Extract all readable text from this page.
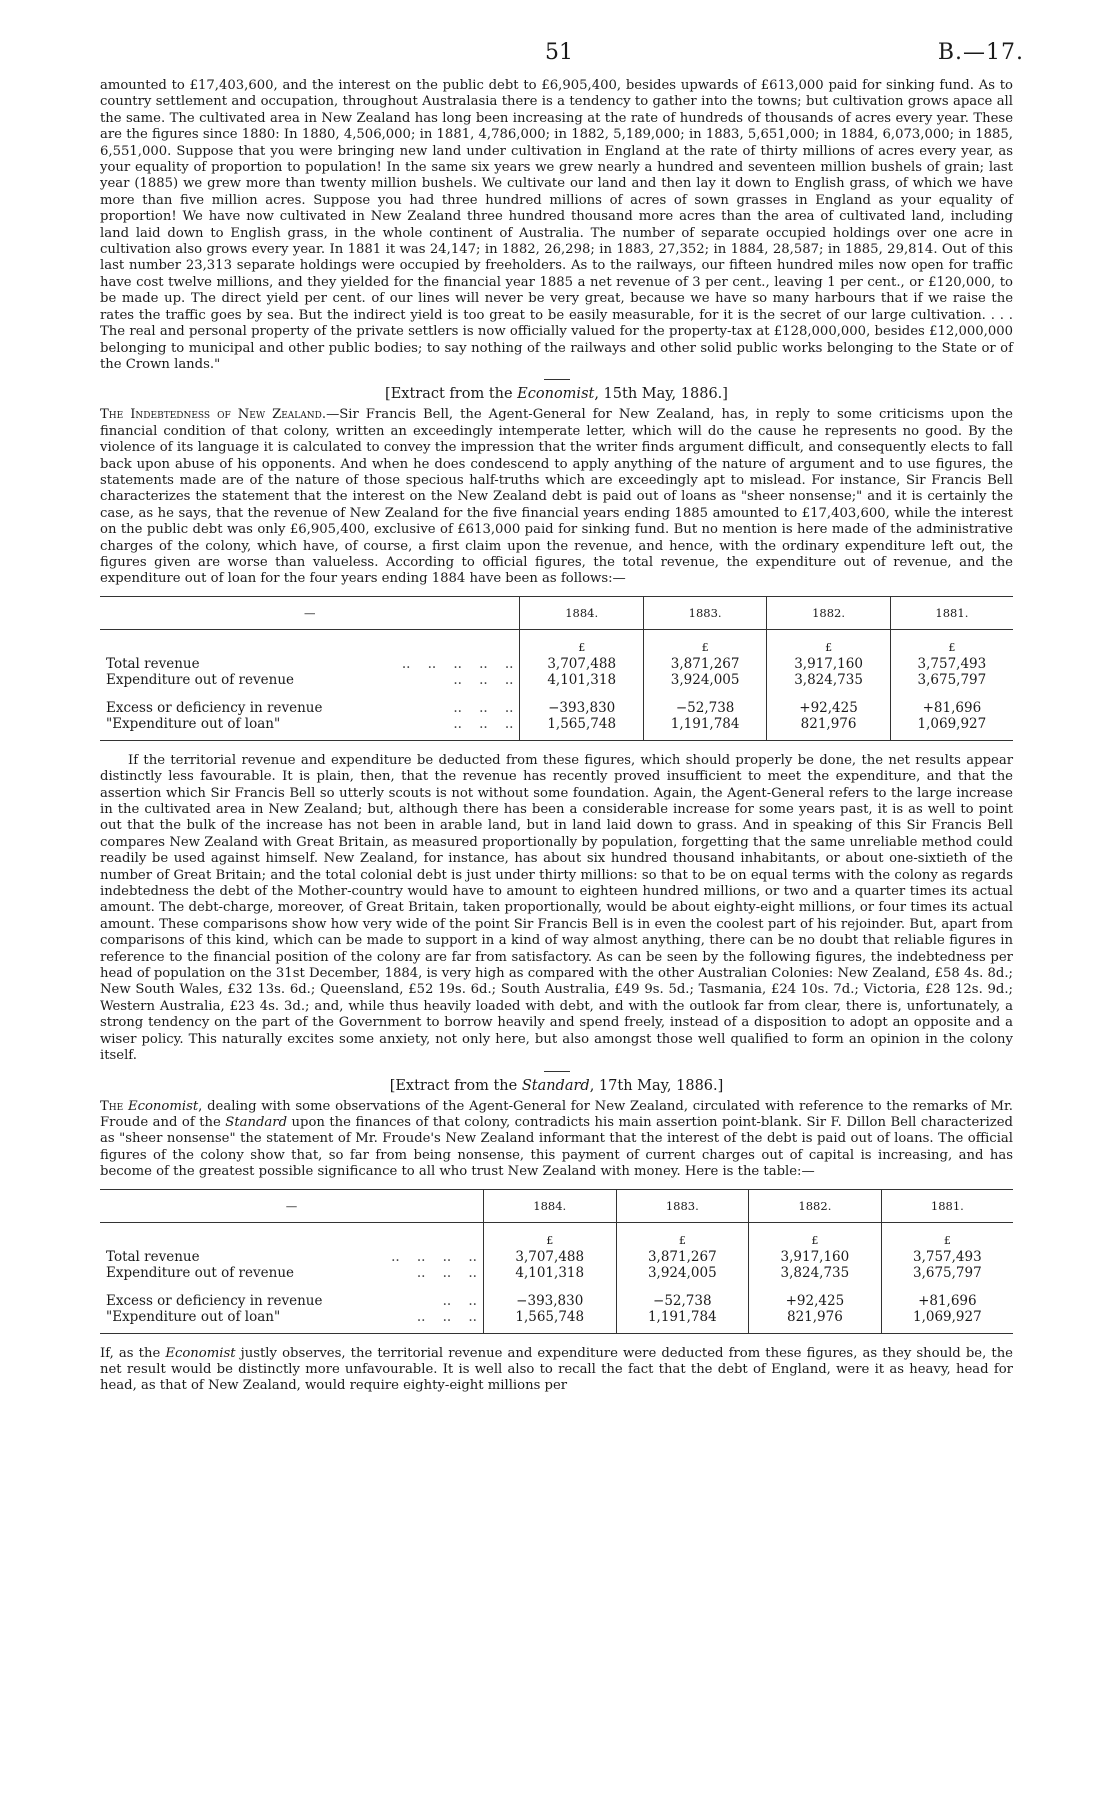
51	B.—17.

amounted to £17,403,600, and the interest on the public debt to £6,905,400, besides upwards of £613,000 paid for sinking fund. As to country settlement and occupation, throughout Australasia there is a tendency to gather into the towns; but cultivation grows apace all the same. The cultivated area in New Zealand has long been increasing at the rate of hundreds of thousands of acres every year. These are the figures since 1880: In 1880, 4,506,000; in 1881, 4,786,000; in 1882, 5,189,000; in 1883, 5,651,000; in 1884, 6,073,000; in 1885, 6,551,000. Suppose that you were bringing new land under cultivation in England at the rate of thirty millions of acres every year, as your equality of proportion to population! In the same six years we grew nearly a hundred and seventeen million bushels of grain; last year (1885) we grew more than twenty million bushels. We cultivate our land and then lay it down to English grass, of which we have more than five million acres. Suppose you had three hundred millions of acres of sown grasses in England as your equality of proportion! We have now cultivated in New Zealand three hundred thousand more acres than the area of cultivated land, including land laid down to English grass, in the whole continent of Australia. The number of separate occupied holdings over one acre in cultivation also grows every year. In 1881 it was 24,147; in 1882, 26,298; in 1883, 27,352; in 1884, 28,587; in 1885, 29,814. Out of this last number 23,313 separate holdings were occupied by freeholders. As to the railways, our fifteen hundred miles now open for traffic have cost twelve millions, and they yielded for the financial year 1885 a net revenue of 3 per cent., leaving 1 per cent., or £120,000, to be made up. The direct yield per cent. of our lines will never be very great, because we have so many harbours that if we raise the rates the traffic goes by sea. But the indirect yield is too great to be easily measurable, for it is the secret of our large cultivation. . . . The real and personal property of the private settlers is now officially valued for the property-tax at £128,000,000, besides £12,000,000 belonging to municipal and other public bodies; to say nothing of the railways and other solid public works belonging to the State or of the Crown lands."

[Extract from the Economist, 15th May, 1886.]

The Indebtedness of New Zealand.—Sir Francis Bell, the Agent-General for New Zealand, has, in reply to some criticisms upon the financial condition of that colony, written an exceedingly intemperate letter, which will do the cause he represents no good. By the violence of its language it is calculated to convey the impression that the writer finds argument difficult, and consequently elects to fall back upon abuse of his opponents. And when he does condescend to apply anything of the nature of argument and to use figures, the statements made are of the nature of those specious half-truths which are exceedingly apt to mislead. For instance, Sir Francis Bell characterizes the statement that the interest on the New Zealand debt is paid out of loans as "sheer nonsense;" and it is certainly the case, as he says, that the revenue of New Zealand for the five financial years ending 1885 amounted to £17,403,600, while the interest on the public debt was only £6,905,400, exclusive of £613,000 paid for sinking fund. But no mention is here made of the administrative charges of the colony, which have, of course, a first claim upon the revenue, and hence, with the ordinary expenditure left out, the figures given are worse than valueless. According to official figures, the total revenue, the expenditure out of revenue, and the expenditure out of loan for the four years ending 1884 have been as follows:—

—	1884.	1883.	1882.	1881.
	£	£	£	£

Total revenue ..    ..    ..    ..    ..	3,707,488	3,871,267	3,917,160	3,757,493

Expenditure out of revenue ..    ..    ..	4,101,318	3,924,005	3,824,735	3,675,797

Excess or deficiency in revenue ..    ..    ..	−393,830	−52,738	+92,425	+81,696

"Expenditure out of loan" ..    ..    ..	1,565,748	1,191,784	821,976	1,069,927

If the territorial revenue and expenditure be deducted from these figures, which should properly be done, the net results appear distinctly less favourable. It is plain, then, that the revenue has recently proved insufficient to meet the expenditure, and that the assertion which Sir Francis Bell so utterly scouts is not without some foundation. Again, the Agent-General refers to the large increase in the cultivated area in New Zealand; but, although there has been a considerable increase for some years past, it is as well to point out that the bulk of the increase has not been in arable land, but in land laid down to grass. And in speaking of this Sir Francis Bell compares New Zealand with Great Britain, as measured proportionally by population, forgetting that the same unreliable method could readily be used against himself. New Zealand, for instance, has about six hundred thousand inhabitants, or about one-sixtieth of the number of Great Britain; and the total colonial debt is just under thirty millions: so that to be on equal terms with the colony as regards indebtedness the debt of the Mother-country would have to amount to eighteen hundred millions, or two and a quarter times its actual amount. The debt-charge, moreover, of Great Britain, taken proportionally, would be about eighty-eight millions, or four times its actual amount. These comparisons show how very wide of the point Sir Francis Bell is in even the coolest part of his rejoinder. But, apart from comparisons of this kind, which can be made to support in a kind of way almost anything, there can be no doubt that reliable figures in reference to the financial position of the colony are far from satisfactory. As can be seen by the following figures, the indebtedness per head of population on the 31st December, 1884, is very high as compared with the other Australian Colonies: New Zealand, £58 4s. 8d.; New South Wales, £32 13s. 6d.; Queensland, £52 19s. 6d.; South Australia, £49 9s. 5d.; Tasmania, £24 10s. 7d.; Victoria, £28 12s. 9d.; Western Australia, £23 4s. 3d.; and, while thus heavily loaded with debt, and with the outlook far from clear, there is, unfortunately, a strong tendency on the part of the Government to borrow heavily and spend freely, instead of a disposition to adopt an opposite and a wiser policy. This naturally excites some anxiety, not only here, but also amongst those well qualified to form an opinion in the colony itself.

[Extract from the Standard, 17th May, 1886.]

The Economist, dealing with some observations of the Agent-General for New Zealand, circulated with reference to the remarks of Mr. Froude and of the Standard upon the finances of that colony, contradicts his main assertion point-blank. Sir F. Dillon Bell characterized as "sheer nonsense" the statement of Mr. Froude's New Zealand informant that the interest of the debt is paid out of loans. The official figures of the colony show that, so far from being nonsense, this payment of current charges out of capital is increasing, and has become of the greatest possible significance to all who trust New Zealand with money. Here is the table:—

—	1884.	1883.	1882.	1881.
	£	£	£	£

Total revenue ..    ..    ..    ..	3,707,488	3,871,267	3,917,160	3,757,493

Expenditure out of revenue ..    ..    ..	4,101,318	3,924,005	3,824,735	3,675,797

Excess or deficiency in revenue ..    ..	−393,830	−52,738	+92,425	+81,696

"Expenditure out of loan" ..    ..    ..	1,565,748	1,191,784	821,976	1,069,927

If, as the Economist justly observes, the territorial revenue and expenditure were deducted from these figures, as they should be, the net result would be distinctly more unfavourable. It is well also to recall the fact that the debt of England, were it as heavy, head for head, as that of New Zealand, would require eighty-eight millions per
